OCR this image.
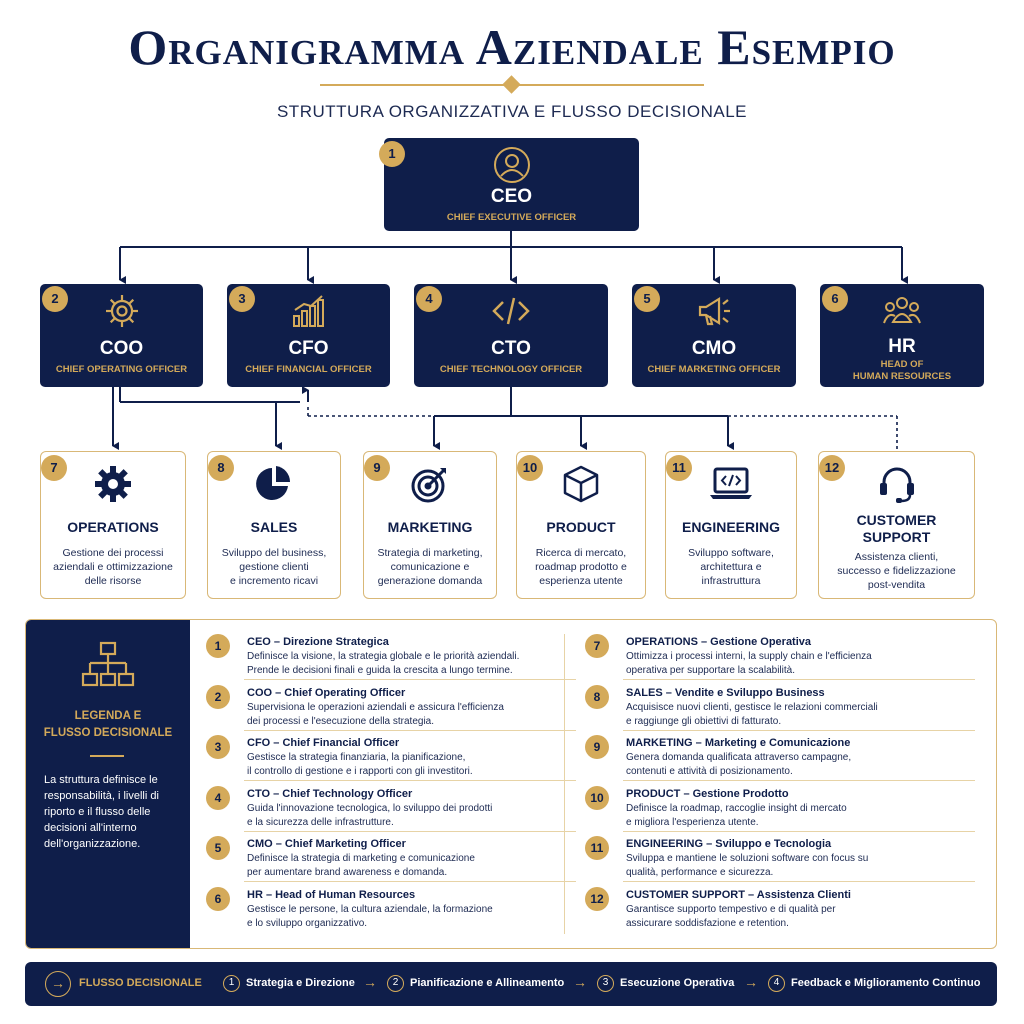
Organigramma Aziendale Esempio
STRUTTURA ORGANIZZATIVA E FLUSSO DECISIONALE
CEO
CHIEF EXECUTIVE OFFICER
1
COO
CHIEF OPERATING OFFICER
2
CFO
CHIEF FINANCIAL OFFICER
3
CTO
CHIEF TECHNOLOGY OFFICER
4
CMO
CHIEF MARKETING OFFICER
5
HR
HEAD OF
HUMAN RESOURCES
6
7
OPERATIONS
Gestione dei processi
aziendali e ottimizzazione
delle risorse
8
SALES
Sviluppo del business,
gestione clienti
e incremento ricavi
9
MARKETING
Strategia di marketing,
comunicazione e
generazione domanda
10
PRODUCT
Ricerca di mercato,
roadmap prodotto e
esperienza utente
11
ENGINEERING
Sviluppo software,
architettura e
infrastruttura
12
CUSTOMER
SUPPORT
Assistenza clienti,
successo e fidelizzazione
post-vendita
LEGENDA E
FLUSSO DECISIONALE
La struttura definisce le responsabilità, i livelli di riporto e il flusso delle decisioni all'interno dell'organizzazione.
1	CEO – Direzione Strategica
Definisce la visione, la strategia globale e le priorità aziendali.
Prende le decisioni finali e guida la crescita a lungo termine.
2	COO – Chief Operating Officer
Supervisiona le operazioni aziendali e assicura l'efficienza
dei processi e l'esecuzione della strategia.
3	CFO – Chief Financial Officer
Gestisce la strategia finanziaria, la pianificazione,
il controllo di gestione e i rapporti con gli investitori.
4	CTO – Chief Technology Officer
Guida l'innovazione tecnologica, lo sviluppo dei prodotti
e la sicurezza delle infrastrutture.
5	CMO – Chief Marketing Officer
Definisce la strategia di marketing e comunicazione
per aumentare brand awareness e domanda.
6	HR – Head of Human Resources
Gestisce le persone, la cultura aziendale, la formazione
e lo sviluppo organizzativo.
7	OPERATIONS – Gestione Operativa
Ottimizza i processi interni, la supply chain e l'efficienza
operativa per supportare la scalabilità.
8	SALES – Vendite e Sviluppo Business
Acquisisce nuovi clienti, gestisce le relazioni commerciali
e raggiunge gli obiettivi di fatturato.
9	MARKETING – Marketing e Comunicazione
Genera domanda qualificata attraverso campagne,
contenuti e attività di posizionamento.
10	PRODUCT – Gestione Prodotto
Definisce la roadmap, raccoglie insight di mercato
e migliora l'esperienza utente.
11	ENGINEERING – Sviluppo e Tecnologia
Sviluppa e mantiene le soluzioni software con focus su
qualità, performance e sicurezza.
12	CUSTOMER SUPPORT – Assistenza Clienti
Garantisce supporto tempestivo e di qualità per
assicurare soddisfazione e retention.
→	FLUSSO DECISIONALE	1	Strategia e Direzione →	2	Pianificazione e Allineamento →	3	Esecuzione Operativa →	4	Feedback e Miglioramento Continuo
